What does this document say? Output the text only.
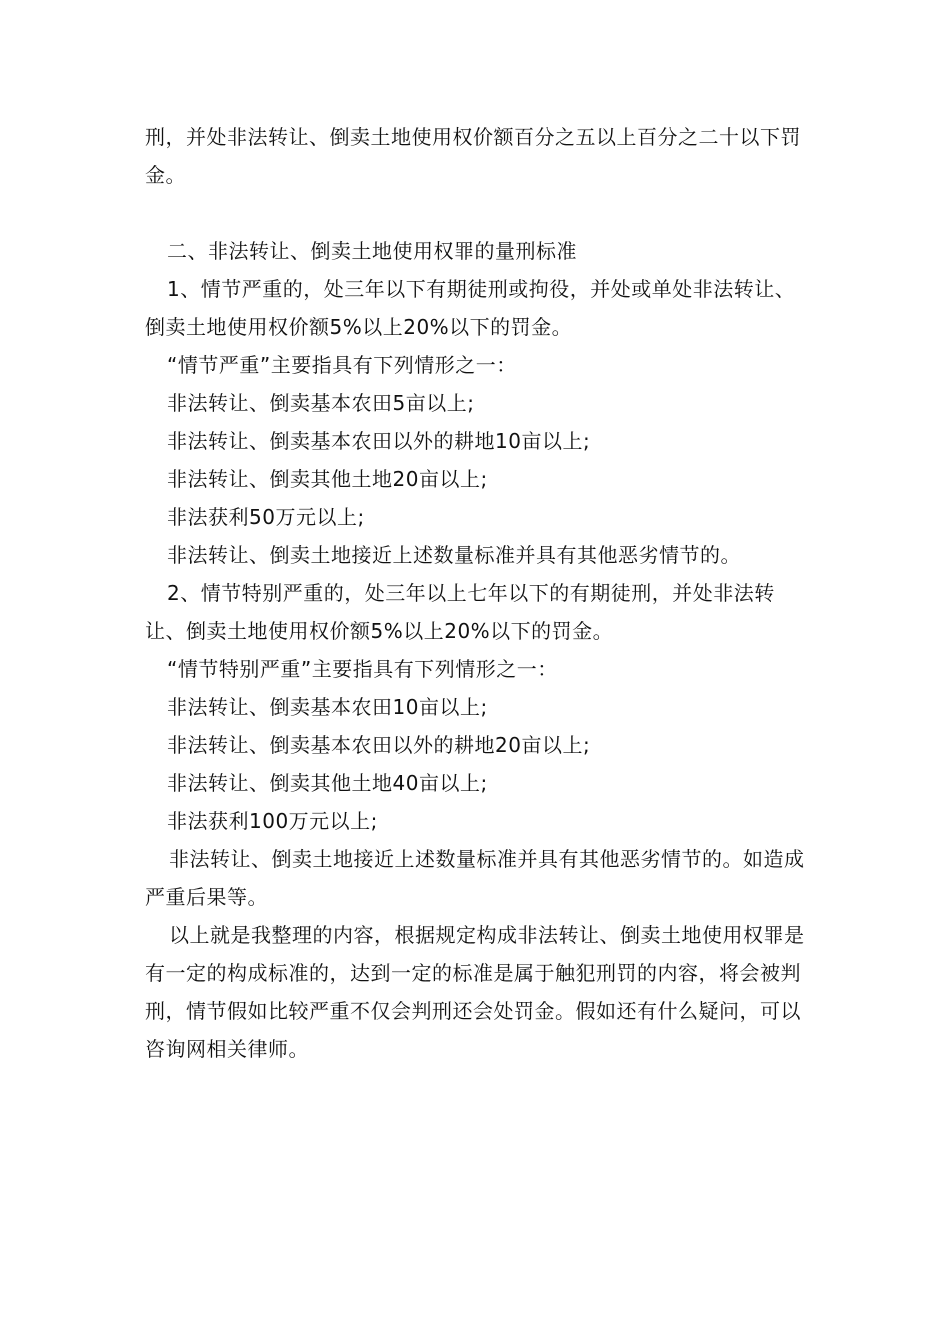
刑，并处非法转让、倒卖土地使用权价额百分之五以上百分之二十以下罚金。

二、非法转让、倒卖土地使用权罪的量刑标准

1、情节严重的，处三年以下有期徒刑或拘役，并处或单处非法转让、倒卖土地使用权价额5%以上20%以下的罚金。

“情节严重”主要指具有下列情形之一：

非法转让、倒卖基本农田5亩以上;

非法转让、倒卖基本农田以外的耕地10亩以上;

非法转让、倒卖其他土地20亩以上;

非法获利50万元以上;

非法转让、倒卖土地接近上述数量标准并具有其他恶劣情节的。

2、情节特别严重的，处三年以上七年以下的有期徒刑，并处非法转让、倒卖土地使用权价额5%以上20%以下的罚金。

“情节特别严重”主要指具有下列情形之一：

非法转让、倒卖基本农田10亩以上;

非法转让、倒卖基本农田以外的耕地20亩以上;

非法转让、倒卖其他土地40亩以上;

非法获利100万元以上;

非法转让、倒卖土地接近上述数量标准并具有其他恶劣情节的。如造成严重后果等。

以上就是我整理的内容，根据规定构成非法转让、倒卖土地使用权罪是有一定的构成标准的，达到一定的标准是属于触犯刑罚的内容，将会被判刑，情节假如比较严重不仅会判刑还会处罚金。假如还有什么疑问，可以咨询网相关律师。
